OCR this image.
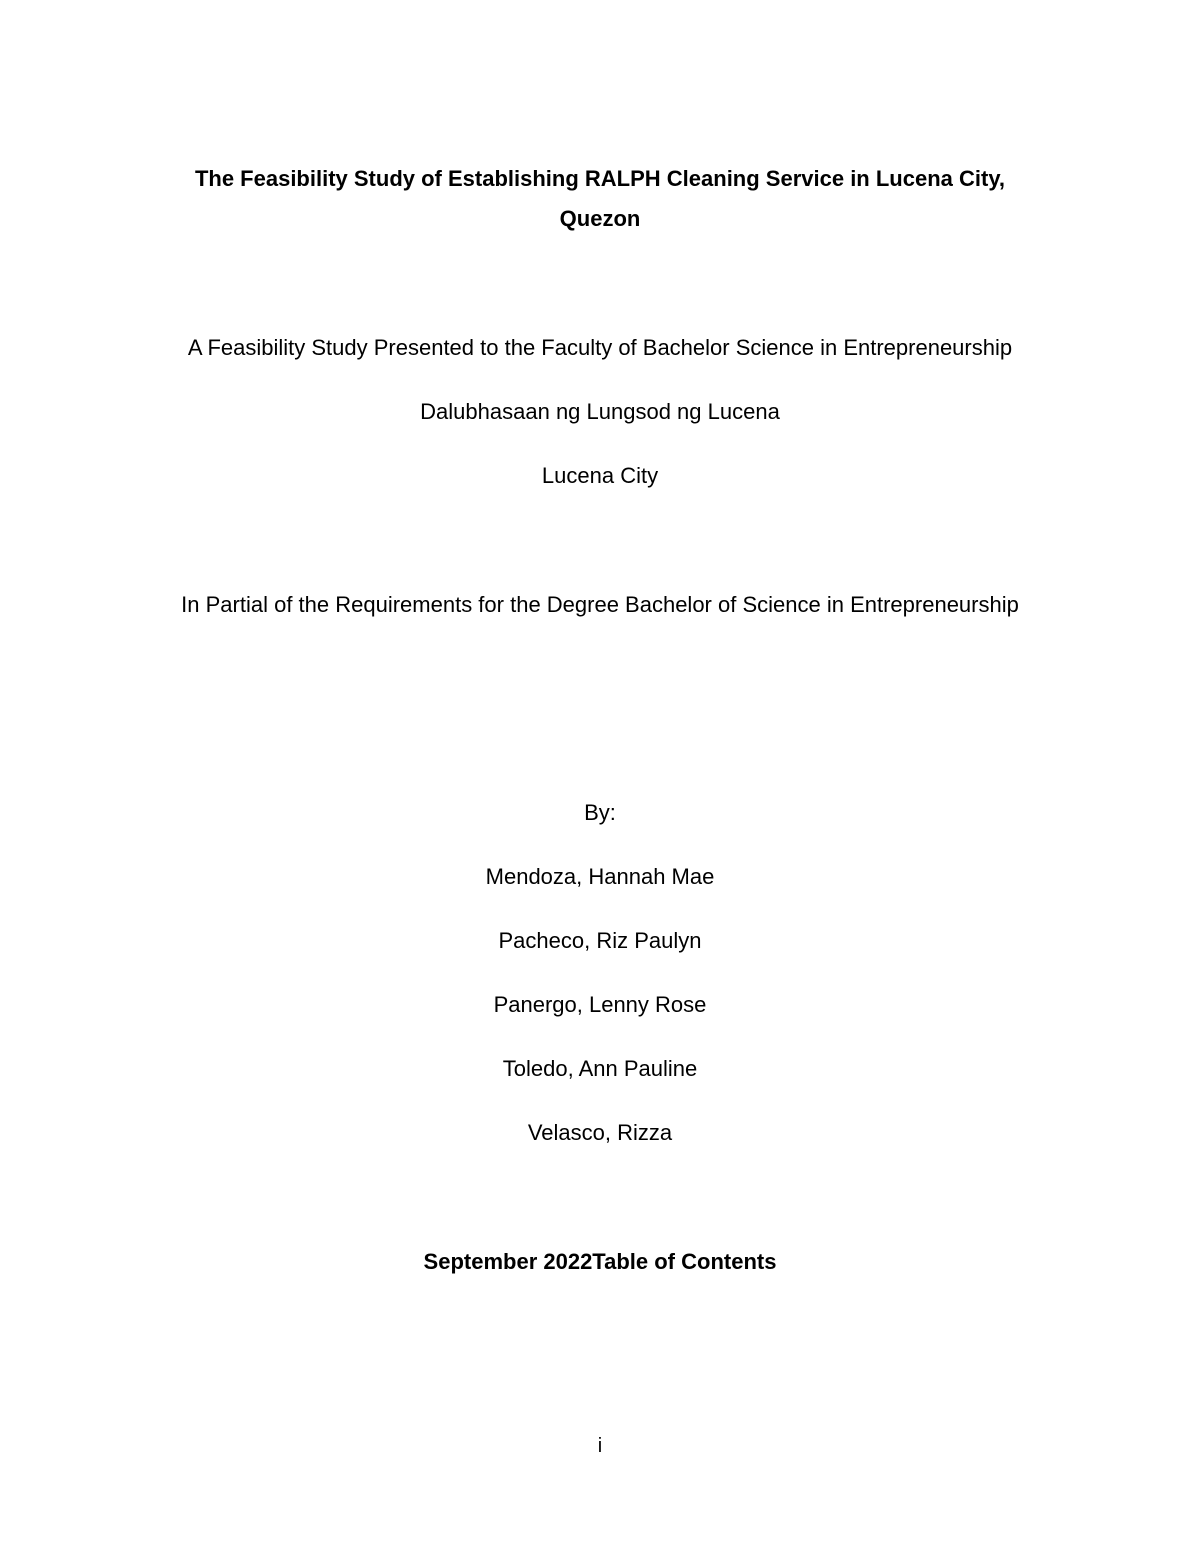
The Feasibility Study of Establishing RALPH Cleaning Service in Lucena City,
Quezon
A Feasibility Study Presented to the Faculty of Bachelor Science in Entrepreneurship
Dalubhasaan ng Lungsod ng Lucena
Lucena City
In Partial of the Requirements for the Degree Bachelor of Science in Entrepreneurship
By:
Mendoza, Hannah Mae
Pacheco, Riz Paulyn
Panergo, Lenny Rose
Toledo, Ann Pauline
Velasco, Rizza
September 2022Table of Contents
i
